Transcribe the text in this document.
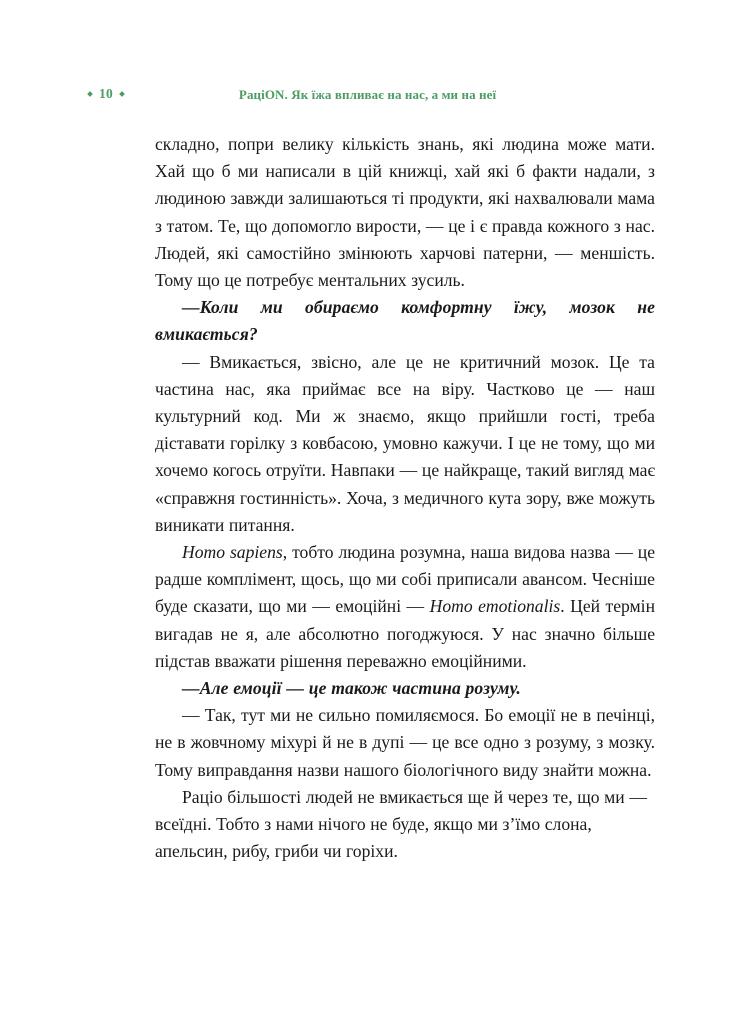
10	РаціON. Як їжа впливає на нас, а ми на неї

складно, попри велику кількість знань, які людина може мати. Хай що б ми написали в цій книжці, хай які б факти надали, з людиною завжди залишаються ті продукти, які нахвалювали мама з татом. Те, що допомогло вирости, — це і є правда кожного з нас. Людей, які самостійно змінюють харчові патерни, — меншість. Тому що це потребує ментальних зусиль.

—Коли ми обираємо комфортну їжу, мозок не вмикається?

— Вмикається, звісно, але це не критичний мозок. Це та частина нас, яка приймає все на віру. Частково це — наш культурний код. Ми ж знаємо, якщо прийшли гості, треба діставати горілку з ковбасою, умовно кажучи. І це не тому, що ми хочемо когось отруїти. Навпаки — це найкраще, такий вигляд має «справжня гостинність». Хоча, з медичного кута зору, вже можуть виникати питання.

Homo sapiens, тобто людина розумна, наша видова назва — це радше комплімент, щось, що ми собі приписали авансом. Чесніше буде сказати, що ми — емоційні — Homo emotionalis. Цей термін вигадав не я, але абсолютно погоджуюся. У нас значно більше підстав вважати рішення переважно емоційними.

—Але емоції — це також частина розуму.

— Так, тут ми не сильно помиляємося. Бо емоції не в печінці, не в жовчному міхурі й не в дупі — це все одно з розуму, з мозку. Тому виправдання назви нашого біологічного виду знайти можна.

Раціо більшості людей не вмикається ще й через те, що ми — всеїдні. Тобто з нами нічого не буде, якщо ми з’їмо слона, апельсин, рибу, гриби чи горіхи.
